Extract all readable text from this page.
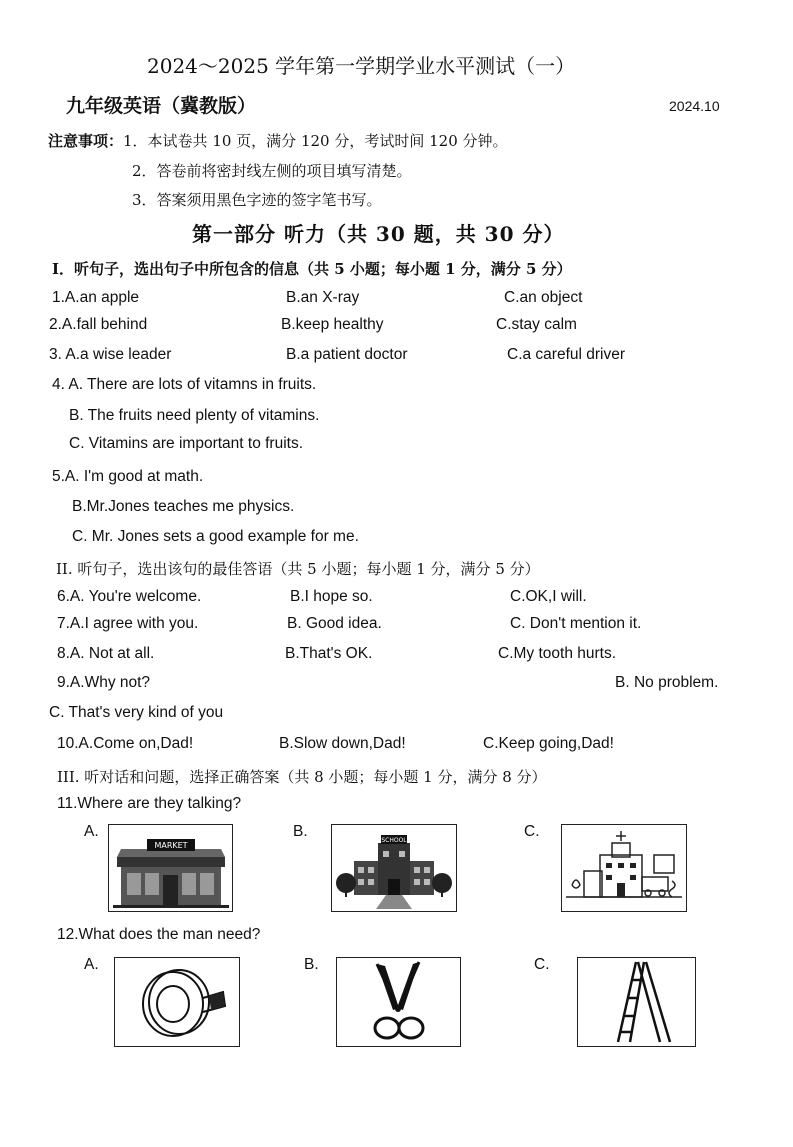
2024～2025 学年第一学期学业水平测试（一）
九年级英语（冀教版）	2024.10
注意事项：1．本试卷共 10 页，满分 120 分，考试时间 120 分钟。
2．答卷前将密封线左侧的项目填写清楚。
3．答案须用黑色字迹的签字笔书写。
第一部分 听力（共 30 题，共 30 分）
I．听句子，选出句子中所包含的信息（共 5 小题；每小题 1 分，满分 5 分）
1.A.an apple	B.an X-ray	C.an object
2.A.fall behind	B.keep healthy	C.stay calm
3. A.a wise leader	B.a patient doctor	C.a careful driver
4. A. There are lots of vitamns in fruits.
B. The fruits need plenty of vitamins.
C. Vitamins are important to fruits.
5.A. I'm good at math.
B.Mr.Jones teaches me physics.
C. Mr. Jones sets a good example for me.
II. 听句子，选出该句的最佳答语（共 5 小题；每小题 1 分，满分 5 分）
6.A. You're welcome.	B.I hope so.	C.OK,I will.
7.A.I agree with you.	B. Good idea.	C. Don't mention it.
8.A. Not at all.	B.That's OK.	C.My tooth hurts.
9.A.Why not?	B. No problem.
C. That's very kind of you
10.A.Come on,Dad!	B.Slow down,Dad!	C.Keep going,Dad!
III. 听对话和问题，选择正确答案（共 8 小题；每小题 1 分，满分 8 分）
11.Where are they talking?
A.	B.	C.
MARKET
SCHOOL
12.What does the man need?
A.	B.	C.
